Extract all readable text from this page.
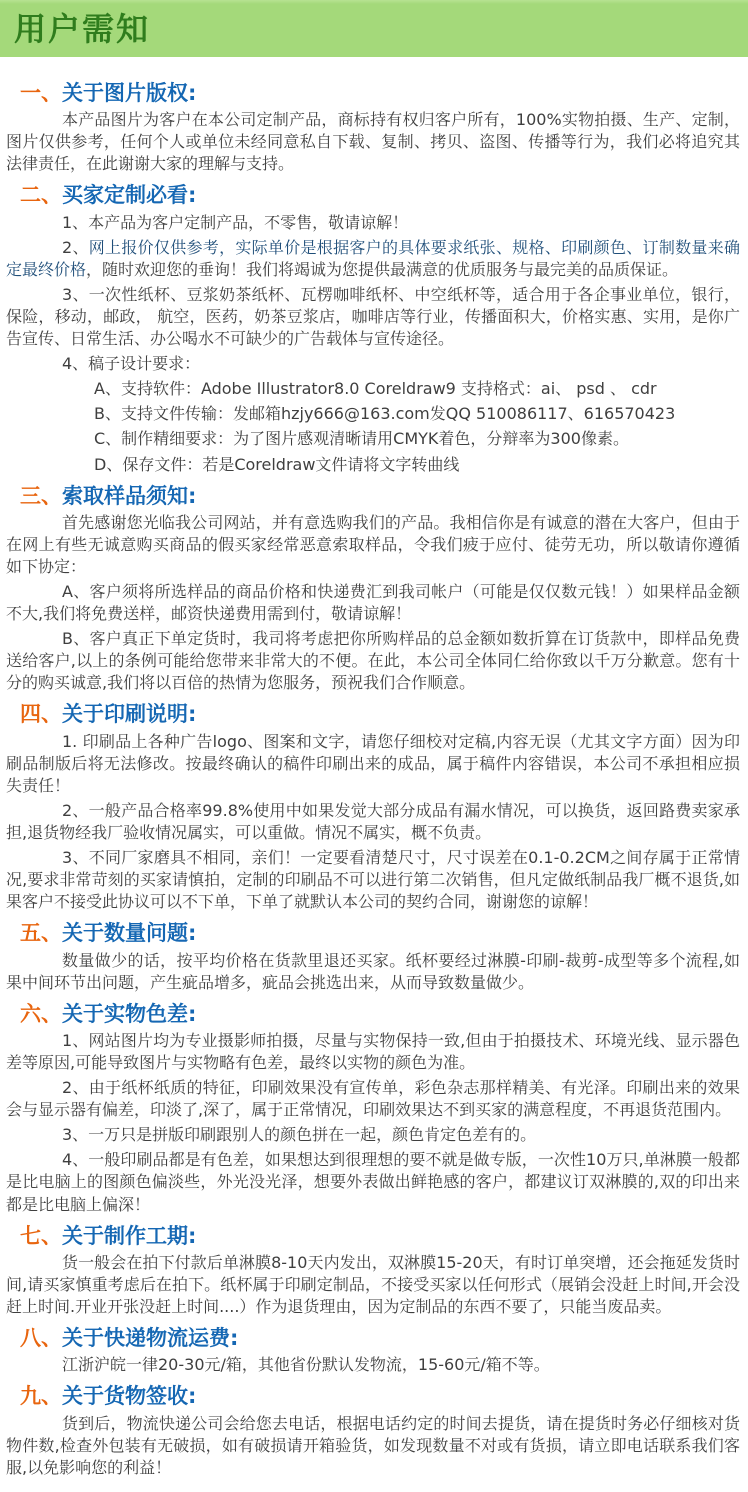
用户需知
一、关于图片版权:

本产品图片为客户在本公司定制产品，商标持有权归客户所有，100%实物拍摄、生产、定制，图片仅供参考，任何个人或单位未经同意私自下载、复制、拷贝、盗图、传播等行为，我们必将追究其法律责任，在此谢谢大家的理解与支持。

二、买家定制必看:

1、本产品为客户定制产品，不零售，敬请谅解！

2、网上报价仅供参考，实际单价是根据客户的具体要求纸张、规格、印刷颜色、订制数量来确定最终价格，随时欢迎您的垂询！我们将竭诚为您提供最满意的优质服务与最完美的品质保证。

3、一次性纸杯、豆浆奶茶纸杯、瓦楞咖啡纸杯、中空纸杯等，适合用于各企事业单位，银行，保险，移动，邮政， 航空，医药，奶茶豆浆店，咖啡店等行业，传播面积大，价格实惠、实用，是你广告宣传、日常生活、办公喝水不可缺少的广告载体与宣传途径。

4、稿子设计要求：

A、支持软件：Adobe Illustrator8.0 Coreldraw9 支持格式：ai、 psd 、 cdr

B、支持文件传输：发邮箱hzjy666@163.com发QQ 510086117、616570423

C、制作精细要求：为了图片感观清晰请用CMYK着色，分辩率为300像素。

D、保存文件：若是Coreldraw文件请将文字转曲线

三、索取样品须知:

首先感谢您光临我公司网站，并有意选购我们的产品。我相信你是有诚意的潜在大客户，但由于在网上有些无诚意购买商品的假买家经常恶意索取样品，令我们疲于应付、徒劳无功，所以敬请你遵循如下协定：

A、客户须将所选样品的商品价格和快递费汇到我司帐户（可能是仅仅数元钱！）如果样品金额不大,我们将免费送样，邮资快递费用需到付，敬请谅解！

B、客户真正下单定货时，我司将考虑把你所购样品的总金额如数折算在订货款中，即样品免费送给客户,以上的条例可能给您带来非常大的不便。在此，本公司全体同仁给你致以千万分歉意。您有十分的购买诚意,我们将以百倍的热情为您服务，预祝我们合作顺意。

四、关于印刷说明:

1. 印刷品上各种广告logo、图案和文字，请您仔细校对定稿,内容无误（尤其文字方面）因为印刷品制版后将无法修改。按最终确认的稿件印刷出来的成品，属于稿件内容错误，本公司不承担相应损失责任！

2、一般产品合格率99.8%使用中如果发觉大部分成品有漏水情况，可以换货，返回路费卖家承担,退货物经我厂验收情况属实，可以重做。情况不属实，概不负责。

3、不同厂家磨具不相同，亲们！一定要看清楚尺寸，尺寸误差在0.1-0.2CM之间存属于正常情况,要求非常苛刻的买家请慎拍，定制的印刷品不可以进行第二次销售，但凡定做纸制品我厂概不退货,如果客户不接受此协议可以不下单，下单了就默认本公司的契约合同，谢谢您的谅解！

五、关于数量问题:

数量做少的话，按平均价格在货款里退还买家。纸杯要经过淋膜-印刷-裁剪-成型等多个流程,如果中间环节出问题，产生疵品增多，疵品会挑选出来，从而导致数量做少。

六、关于实物色差:

1、网站图片均为专业摄影师拍摄，尽量与实物保持一致,但由于拍摄技术、环境光线、显示器色差等原因,可能导致图片与实物略有色差，最终以实物的颜色为准。

2、由于纸杯纸质的特征，印刷效果没有宣传单，彩色杂志那样精美、有光泽。印刷出来的效果会与显示器有偏差，印淡了,深了，属于正常情况，印刷效果达不到买家的满意程度，不再退货范围内。

3、一万只是拼版印刷跟别人的颜色拼在一起，颜色肯定色差有的。

4、一般印刷品都是有色差，如果想达到很理想的要不就是做专版，一次性10万只,单淋膜一般都是比电脑上的图颜色偏淡些，外光没光泽，想要外表做出鲜艳感的客户，都建议订双淋膜的,双的印出来都是比电脑上偏深！

七、关于制作工期:

货一般会在拍下付款后单淋膜8-10天内发出，双淋膜15-20天，有时订单突增，还会拖延发货时间,请买家慎重考虑后在拍下。纸杯属于印刷定制品，不接受买家以任何形式（展销会没赶上时间,开会没赶上时间.开业开张没赶上时间....）作为退货理由，因为定制品的东西不要了，只能当废品卖。

八、关于快递物流运费:

江浙沪皖一律20-30元/箱，其他省份默认发物流，15-60元/箱不等。

九、关于货物签收:

货到后，物流快递公司会给您去电话，根据电话约定的时间去提货，请在提货时务必仔细核对货物件数,检查外包装有无破损，如有破损请开箱验货，如发现数量不对或有货损，请立即电话联系我们客服,以免影响您的利益！
